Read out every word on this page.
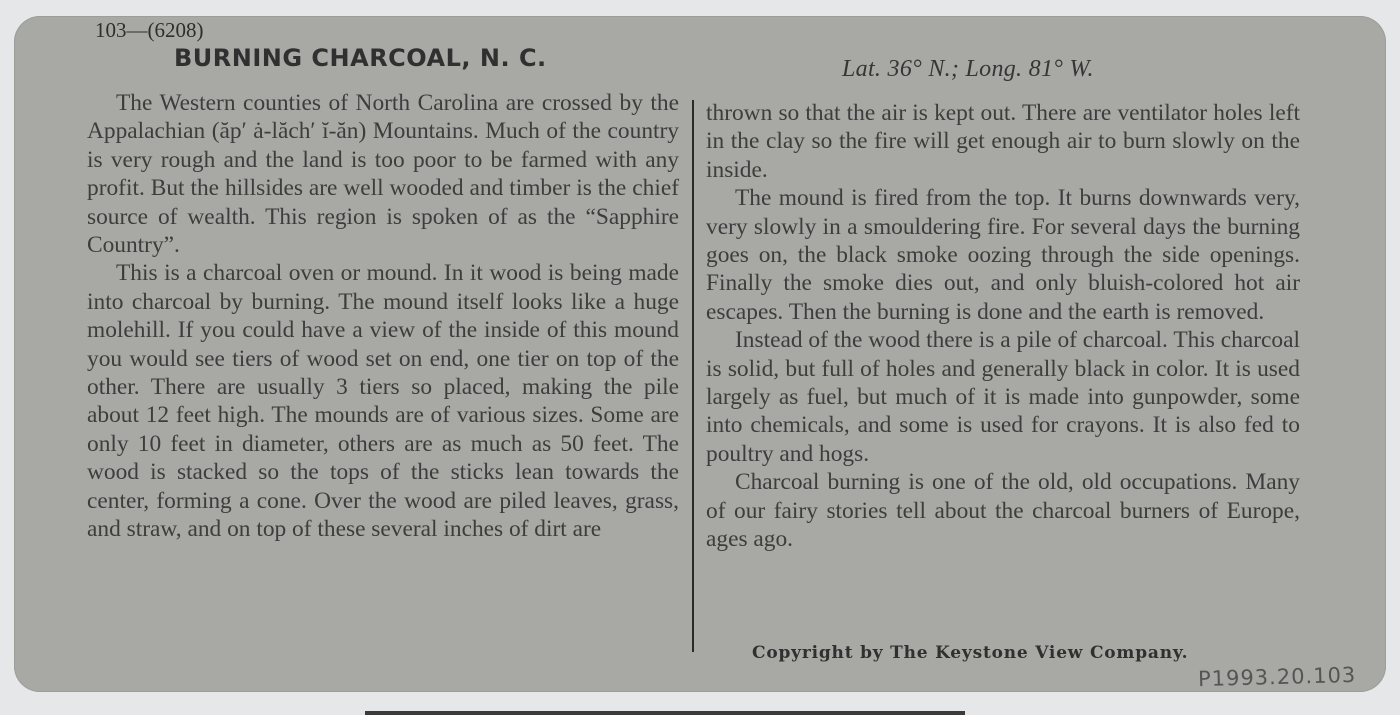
103—(6208)
BURNING CHARCOAL, N. C.	Lat. 36° N.; Long. 81° W.

The Western counties of North Carolina are crossed by the Appalachian (ăp′ ȧ-lăch′ ĭ-ăn) Mountains. Much of the country is very rough and the land is too poor to be farmed with any profit. But the hillsides are well wooded and timber is the chief source of wealth. This region is spoken of as the “Sapphire Country”.

This is a charcoal oven or mound. In it wood is being made into charcoal by burning. The mound itself looks like a huge molehill. If you could have a view of the inside of this mound you would see tiers of wood set on end, one tier on top of the other. There are usually 3 tiers so placed, making the pile about 12 feet high. The mounds are of various sizes. Some are only 10 feet in diameter, others are as much as 50 feet. The wood is stacked so the tops of the sticks lean towards the center, forming a cone. Over the wood are piled leaves, grass, and straw, and on top of these several inches of dirt are

thrown so that the air is kept out. There are ventilator holes left in the clay so the fire will get enough air to burn slowly on the inside.

The mound is fired from the top. It burns downwards very, very slowly in a smouldering fire. For several days the burning goes on, the black smoke oozing through the side openings. Finally the smoke dies out, and only bluish-colored hot air escapes. Then the burning is done and the earth is removed.

Instead of the wood there is a pile of charcoal. This charcoal is solid, but full of holes and generally black in color. It is used largely as fuel, but much of it is made into gunpowder, some into chemicals, and some is used for crayons. It is also fed to poultry and hogs.

Charcoal burning is one of the old, old occupations. Many of our fairy stories tell about the charcoal burners of Europe, ages ago.

Copyright by The Keystone View Company.
P1993.20.103
